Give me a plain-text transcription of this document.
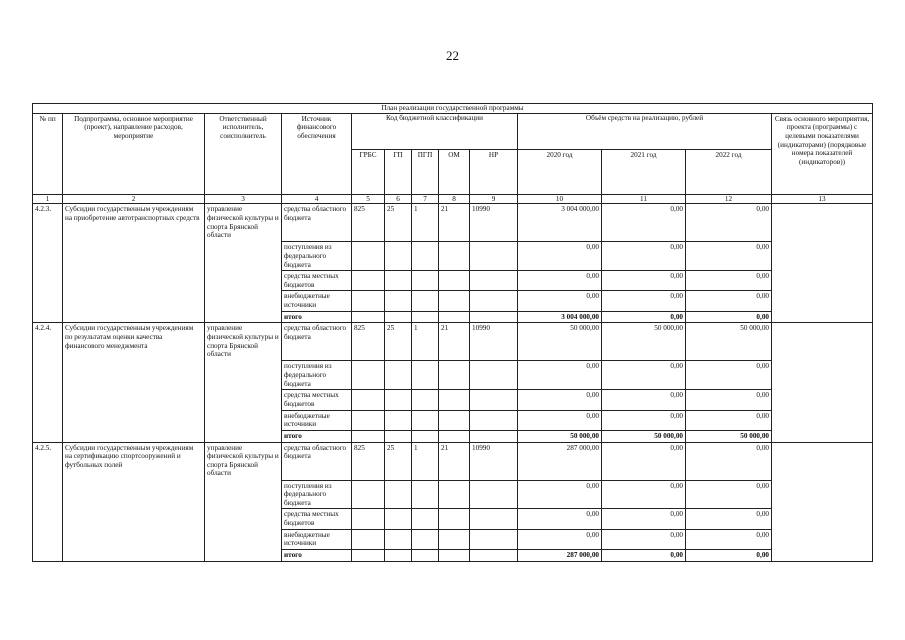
22
План реализации государственной программы												
№ пп	Подпрограмма, основное мероприятие (проект), направление расходов, мероприятие	Ответственный исполнитель, соисполнитель	Источник финансового обеспечения	Код бюджетной классификации					Объём средств на реализацию, рублей			Связь основного мероприятия, проекта (программы) с целевыми показателями (индикаторами) (порядковые номера показателей (индикаторов))
				ГРБС	ГП	ПГП	ОМ	НР	2020 год	2021 год	2022 год	
1	2	3	4	5	6	7	8	9	10	11	12	13
4.2.3.	Субсидии государственным учреждениям на приобретение автотранспортных средств	управление физической культуры и спорта Брянской области	средства областного бюджета	825	25	1	21	10990	3 004 000,00	0,00	0,00	
			поступления из федерального бюджета						0,00	0,00	0,00	
			средства местных бюджетов						0,00	0,00	0,00	
			внебюджетные источники						0,00	0,00	0,00	
			итого						3 004 000,00	0,00	0,00	
4.2.4.	Субсидии государственным учреждениям по результатам оценки качества финансового менеджмента	управление физической культуры и спорта Брянской области	средства областного бюджета	825	25	1	21	10990	50 000,00	50 000,00	50 000,00	
			поступления из федерального бюджета						0,00	0,00	0,00	
			средства местных бюджетов						0,00	0,00	0,00	
			внебюджетные источники						0,00	0,00	0,00	
			итого						50 000,00	50 000,00	50 000,00	
4.2.5.	Субсидии государственным учреждениям на сертификацию спортсооружений и футбольных полей	управление физической культуры и спорта Брянской области	средства областного бюджета	825	25	1	21	10990	287 000,00	0,00	0,00	
			поступления из федерального бюджета						0,00	0,00	0,00	
			средства местных бюджетов						0,00	0,00	0,00	
			внебюджетные источники						0,00	0,00	0,00	
			итого						287 000,00	0,00	0,00	
